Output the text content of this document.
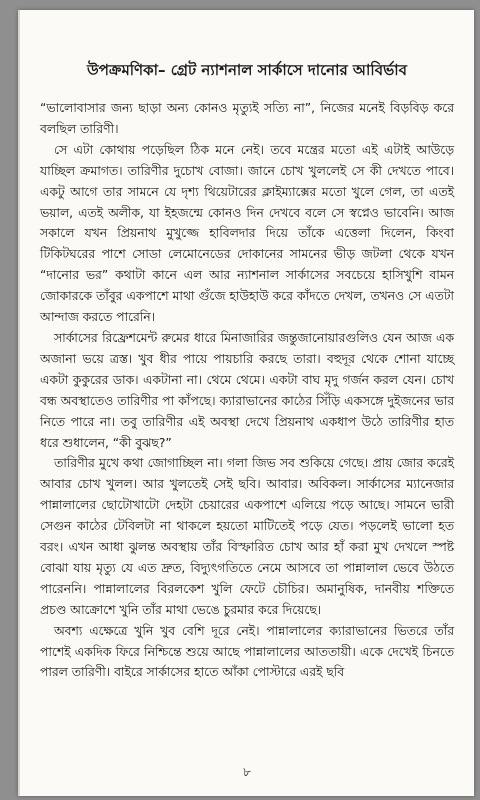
উপক্রমণিকা– গ্রেট ন্যাশনাল সার্কাসে দানোর আবির্ভাব

“ভালোবাসার জন্য ছাড়া অন্য কোনও মৃত্যুই সত্যি না”, নিজের মনেই বিড়বিড় করে বলছিল তারিণী।

সে এটা কোথায় পড়েছিল ঠিক মনে নেই। তবে মন্ত্রের মতো এই এটাই আউড়ে যাচ্ছিল ক্রমাগত। তারিণীর দুচোখ বোজা। জানে চোখ খুললেই সে কী দেখতে পাবে। একটু আগে তার সামনে যে দৃশ্য থিয়েটারের ক্লাইম্যাক্সের মতো খুলে গেল, তা এতই ভয়াল, এতই অলীক, যা ইহজন্মে কোনও দিন দেখবে বলে সে স্বপ্নেও ভাবেনি। আজ সকালে যখন প্রিয়নাথ মুখুজ্জে হাবিলদার দিয়ে তাঁকে এত্তেলা দিলেন, কিংবা টিকিটঘরের পাশে সোডা লেমোনেডের দোকানের সামনের ভীড় জটলা থেকে যখন “দানোর ভর” কথাটা কানে এল আর ন্যাশনাল সার্কাসের সবচেয়ে হাসিখুশি বামন জোকারকে তাঁবুর একপাশে মাথা গুঁজে হাউহাউ করে কাঁদতে দেখল, তখনও সে এতটা আন্দাজ করতে পারেনি।

সার্কাসের রিফ্রেশমেন্ট রুমের ধারে মিনাজারির জন্তুজানোয়ারগুলিও যেন আজ এক অজানা ভয়ে ত্রস্ত। খুব ধীর পায়ে পায়চারি করছে তারা। বহুদূর থেকে শোনা যাচ্ছে একটা কুকুরের ডাক। একটানা না। থেমে থেমে। একটা বাঘ মৃদু গর্জন করল যেন। চোখ বন্ধ অবস্থাতেও তারিণীর পা কাঁপছে। ক্যারাভানের কাঠের সিঁড়ি একসঙ্গে দুইজনের ভার নিতে পারে না। তবু তারিণীর এই অবস্থা দেখে প্রিয়নাথ একধাপ উঠে তারিণীর হাত ধরে শুধালেন, “কী বুঝছ?”

তারিণীর মুখে কথা জোগাচ্ছিল না। গলা জিভ সব শুকিয়ে গেছে। প্রায় জোর করেই আবার চোখ খুলল। আর খুলতেই সেই ছবি। আবার। অবিকল। সার্কাসের ম্যানেজার পান্নালালের ছোটোখাটো দেহটা চেয়ারের একপাশে এলিয়ে পড়ে আছে। সামনে ভারী সেগুন কাঠের টেবিলটা না থাকলে হয়তো মাটিতেই পড়ে যেত। পড়লেই ভালো হত বরং। এখন আধা ঝুলন্ত অবস্থায় তাঁর বিস্ফারিত চোখ আর হাঁ করা মুখ দেখলে স্পষ্ট বোঝা যায় মৃত্যু যে এত দ্রুত, বিদ্যুৎগতিতে নেমে আসবে তা পান্নালাল ভেবে উঠতে পারেননি। পান্নালালের বিরলকেশ খুলি ফেটে চৌচির। অমানুষিক, দানবীয় শক্তিতে প্রচণ্ড আক্রোশে খুনি তাঁর মাথা ভেঙে চুরমার করে দিয়েছে।

অবশ্য এক্ষেত্রে খুনি খুব বেশি দূরে নেই। পান্নালালের ক্যারাভানের ভিতরে তাঁর পাশেই একদিক ফিরে নিশ্চিন্তে শুয়ে আছে পান্নালালের আততায়ী। একে দেখেই চিনতে পারল তারিণী। বাইরে সার্কাসের হাতে আঁকা পোস্টারে এরই ছবি

৮
